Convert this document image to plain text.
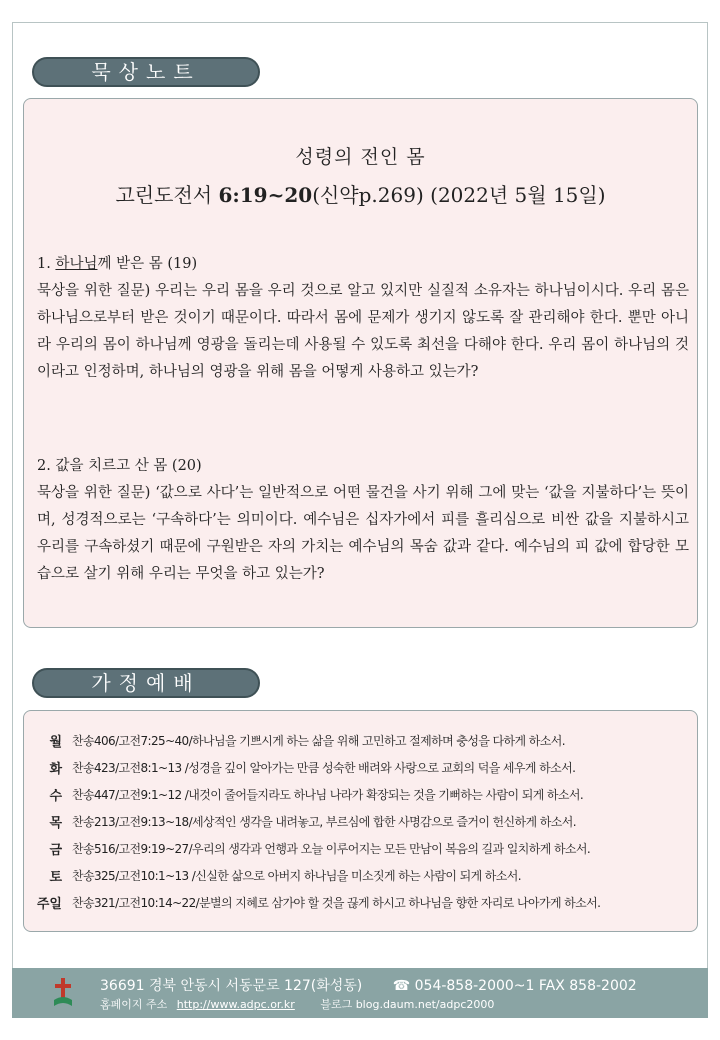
묵상노트
성령의 전인 몸
고린도전서 6:19~20(신약p.269) (2022년 5월 15일)
1. 하나님께 받은 몸 (19)
묵상을 위한 질문) 우리는 우리 몸을 우리 것으로 알고 있지만 실질적 소유자는 하나님이시다. 우리 몸은 하나님으로부터 받은 것이기 때문이다. 따라서 몸에 문제가 생기지 않도록 잘 관리해야 한다. 뿐만 아니라 우리의 몸이 하나님께 영광을 돌리는데 사용될 수 있도록 최선을 다해야 한다. 우리 몸이 하나님의 것이라고 인정하며, 하나님의 영광을 위해 몸을 어떻게 사용하고 있는가?
2. 값을 치르고 산 몸 (20)
묵상을 위한 질문) ‘값으로 사다’는 일반적으로 어떤 물건을 사기 위해 그에 맞는 ‘값을 지불하다’는 뜻이며, 성경적으로는 ‘구속하다’는 의미이다. 예수님은 십자가에서 피를 흘리심으로 비싼 값을 지불하시고 우리를 구속하셨기 때문에 구원받은 자의 가치는 예수님의 목숨 값과 같다. 예수님의 피 값에 합당한 모습으로 살기 위해 우리는 무엇을 하고 있는가?
가정예배
월 찬송406/고전7:25~40/하나님을 기쁘시게 하는 삶을 위해 고민하고 절제하며 충성을 다하게 하소서.
화 찬송423/고전8:1~13 /성경을 깊이 알아가는 만큼 성숙한 배려와 사랑으로 교회의 덕을 세우게 하소서.
수 찬송447/고전9:1~12 /내것이 줄어들지라도 하나님 나라가 확장되는 것을 기뻐하는 사람이 되게 하소서.
목 찬송213/고전9:13~18/세상적인 생각을 내려놓고, 부르심에 합한 사명감으로 즐거이 헌신하게 하소서.
금 찬송516/고전9:19~27/우리의 생각과 언행과 오늘 이루어지는 모든 만남이 복음의 길과 일치하게 하소서.
토 찬송325/고전10:1~13 /신실한 삶으로 아버지 하나님을 미소짓게 하는 사람이 되게 하소서.
주일 찬송321/고전10:14~22/분별의 지혜로 삼가야 할 것을 끊게 하시고 하나님을 향한 자리로 나아가게 하소서.
36691 경북 안동시 서동문로 127(화성동) ☎ 054-858-2000~1 FAX 858-2002
홈페이지 주소 http://www.adpc.or.kr 블로그 blog.daum.net/adpc2000
